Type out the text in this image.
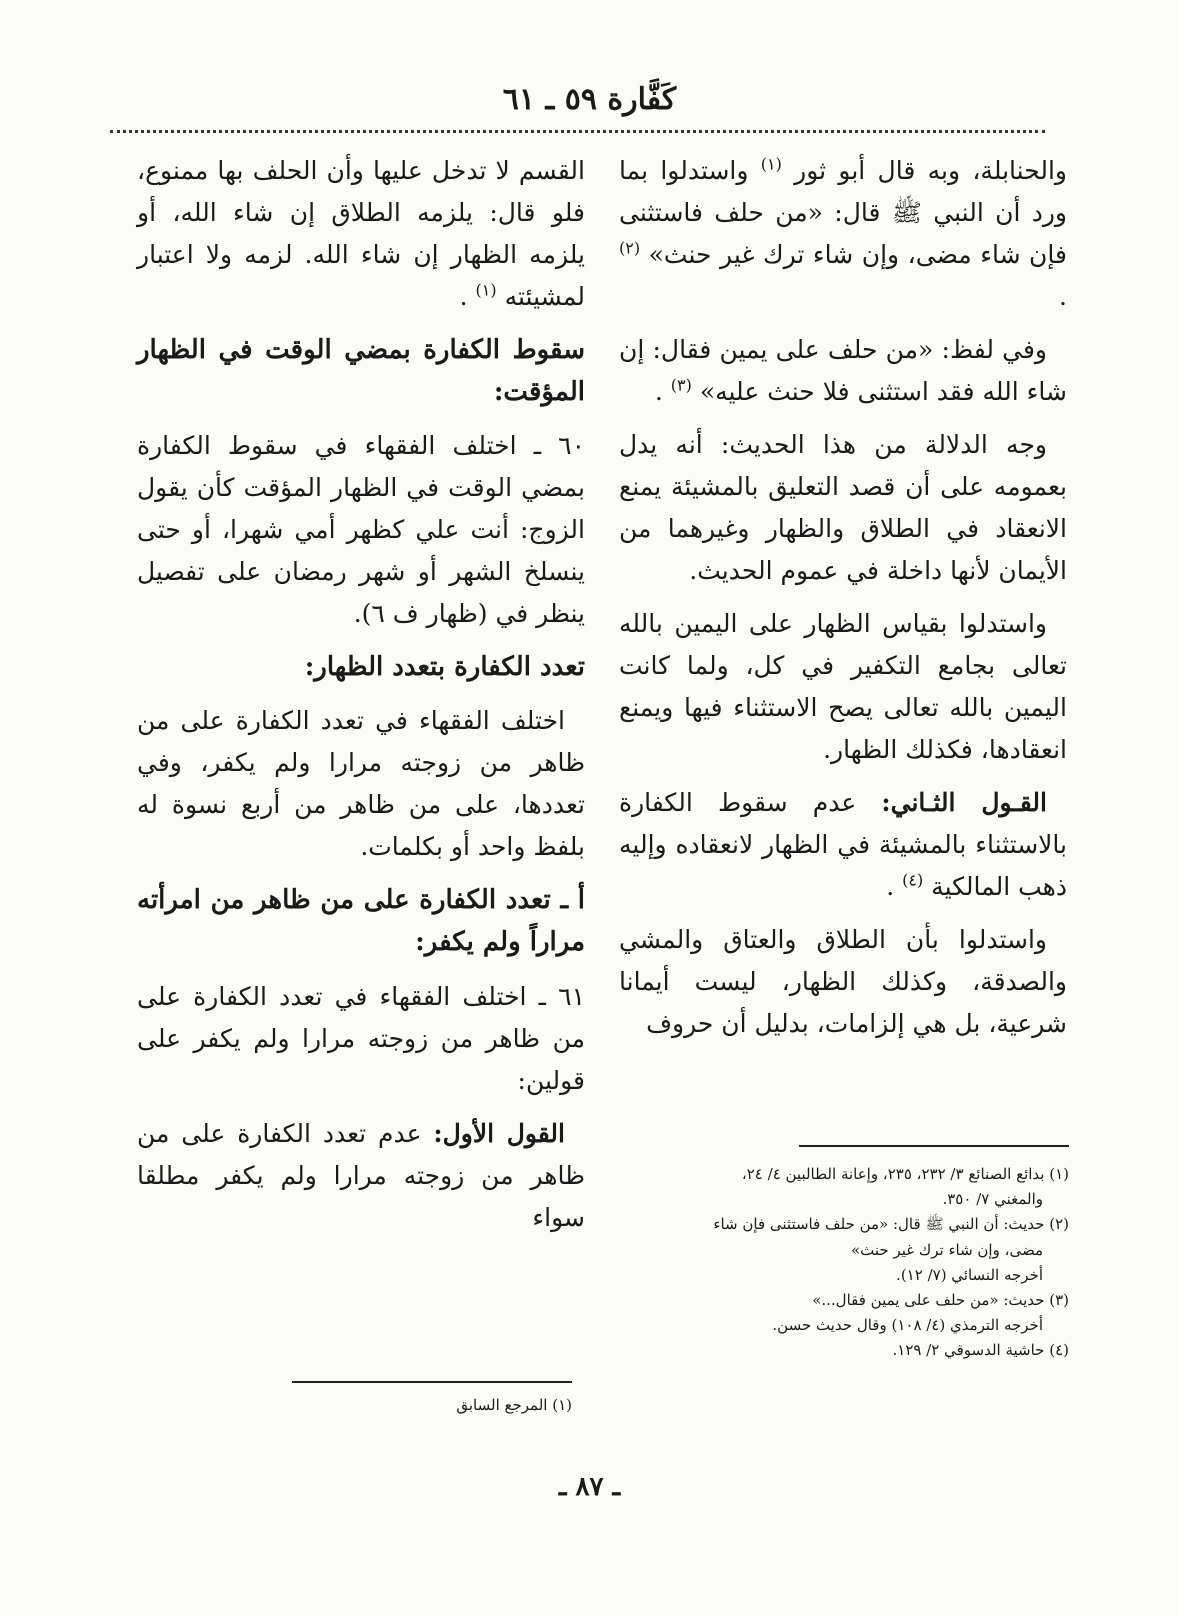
كَفَّارة ٥٩ ـ ٦١

والحنابلة، وبه قال أبو ثور $^{(١)}$ واستدلوا بما ورد أن النبي ﷺ قال: «من حلف فاستثنى فإن شاء مضى، وإن شاء ترك غير حنث» $^{(٢)}$ .

وفي لفظ: «من حلف على يمين فقال: إن شاء الله فقد استثنى فلا حنث عليه» $^{(٣)}$ .

وجه الدلالة من هذا الحديث: أنه يدل بعمومه على أن قصد التعليق بالمشيئة يمنع الانعقاد في الطلاق والظهار وغيرهما من الأيمان لأنها داخلة في عموم الحديث.

واستدلوا بقياس الظهار على اليمين بالله تعالى بجامع التكفير في كل، ولما كانت اليمين بالله تعالى يصح الاستثناء فيها ويمنع انعقادها، فكذلك الظهار.

القـول الثـاني: عدم سقوط الكفارة بالاستثناء بالمشيئة في الظهار لانعقاده وإليه ذهب المالكية $^{(٤)}$ .

واستدلوا بأن الطلاق والعتاق والمشي والصدقة، وكذلك الظهار، ليست أيمانا شرعية، بل هي إلزامات، بدليل أن حروف

القسم لا تدخل عليها وأن الحلف بها ممنوع، فلو قال: يلزمه الطلاق إن شاء الله، أو يلزمه الظهار إن شاء الله. لزمه ولا اعتبار لمشيئته $^{(١)}$ .

سقوط الكفارة بمضي الوقت في الظهار المؤقت:

٦٠ ـ اختلف الفقهاء في سقوط الكفارة بمضي الوقت في الظهار المؤقت كأن يقول الزوج: أنت علي كظهر أمي شهرا، أو حتى ينسلخ الشهر أو شهر رمضان على تفصيل ينظر في (ظهار ف ٦).

تعدد الكفارة بتعدد الظهار:

اختلف الفقهاء في تعدد الكفارة على من ظاهر من زوجته مرارا ولم يكفر، وفي تعددها، على من ظاهر من أربع نسوة له بلفظ واحد أو بكلمات.

أ ـ تعدد الكفارة على من ظاهر من امرأته مراراً ولم يكفر:

٦١ ـ اختلف الفقهاء في تعدد الكفارة على من ظاهر من زوجته مرارا ولم يكفر على قولين:

القول الأول: عدم تعدد الكفارة على من ظاهر من زوجته مرارا ولم يكفر مطلقا سواء

(١) بدائع الصنائع ٣/ ٢٣٢، ٢٣٥، وإعانة الطالبين ٤/ ٢٤،
والمغني ٧/ ٣٥٠.
(٢) حديث: أن النبي ﷺ قال: «من حلف فاستثنى فإن شاء
مضى، وإن شاء ترك غير حنث»
أخرجه النسائي (٧/ ١٢).
(٣) حديث: «من حلف على يمين فقال...»
أخرجه الترمذي (٤/ ١٠٨) وقال حديث حسن.
(٤) حاشية الدسوقي ٢/ ١٢٩.
(١) المرجع السابق
ـ ٨٧ ـ
